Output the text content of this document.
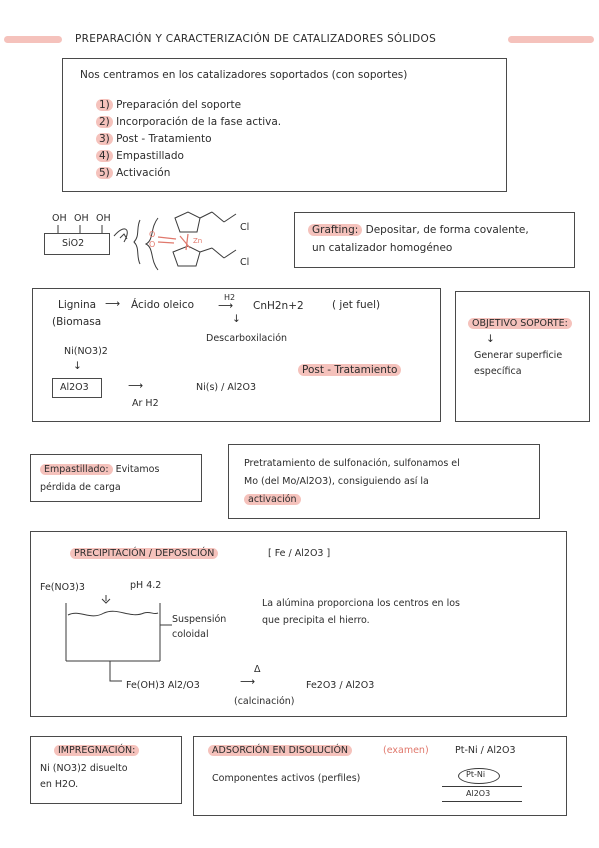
PREPARACIÓN Y CARACTERIZACIÓN DE CATALIZADORES SÓLIDOS
Nos centramos en los catalizadores soportados (con soportes)
1) Preparación del soporte
2) Incorporación de la fase activa.
3) Post - Tratamiento
4) Empastillado
5) Activación
OH OH OH
SiO2	Zn
O
O
Cl
Cl
Grafting: Depositar, de forma covalente,
un catalizador homogéneo
Lignina ⟶ Ácido oleico
H2
⟶ CnH2n+2	( jet fuel)
(Biomasa	↓
Descarboxilación
Ni(NO3)2
↓
Al2O3	⟶	Ni(s) / Al2O3
Ar H2
Post - Tratamiento
OBJETIVO SOPORTE:
↓
Generar superficie
específica
Empastillado: Evitamos
pérdida de carga
Pretratamiento de sulfonación, sulfonamos el
Mo (del Mo/Al2O3), consiguiendo así la
activación
PRECIPITACIÓN / DEPOSICIÓN	[ Fe / Al2O3 ]
Fe(NO3)3	pH 4.2
Suspensión
coloidal
La alúmina proporciona los centros en los
que precipita el hierro.
Fe(OH)3 Al2/O3
Δ
⟶	Fe2O3 / Al2O3
(calcinación)
IMPREGNACIÓN:
Ni (NO3)2 disuelto
en H2O.
ADSORCIÓN EN DISOLUCIÓN	(examen)	Pt-Ni / Al2O3
Componentes activos (perfiles)	Pt-Ni
Al2O3
